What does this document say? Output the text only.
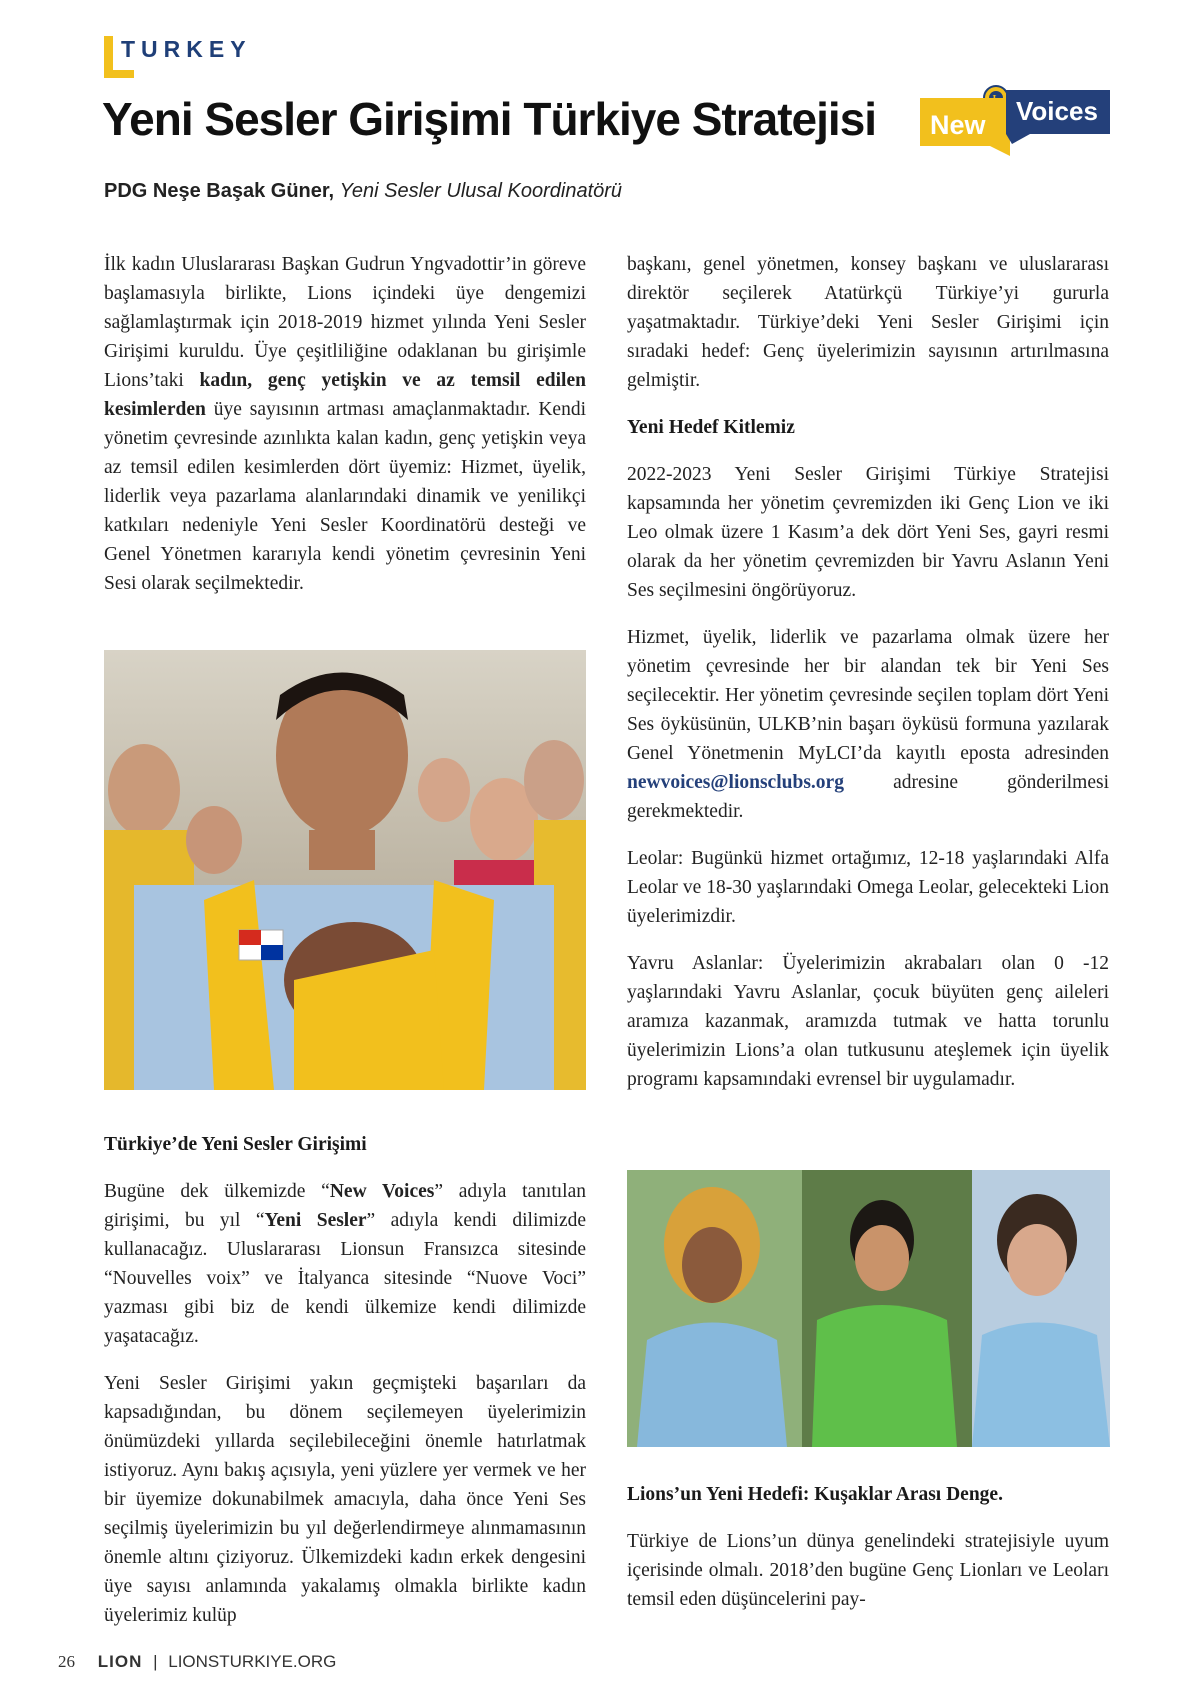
TURKEY
Yeni Sesler Girişimi Türkiye Stratejisi New Voices
PDG Neşe Başak Güner, Yeni Sesler Ulusal Koordinatörü

İlk kadın Uluslararası Başkan Gudrun Yngvadottir’in göreve başlamasıyla birlikte, Lions içindeki üye dengemizi sağlamlaştırmak için 2018-2019 hizmet yılında Yeni Sesler Girişimi kuruldu. Üye çeşitliliğine odaklanan bu girişimle Lions’taki kadın, genç yetişkin ve az temsil edilen kesimlerden üye sayısının artması amaçlanmaktadır. Kendi yönetim çevresinde azınlıkta kalan kadın, genç yetişkin veya az temsil edilen kesimlerden dört üyemiz: Hizmet, üyelik, liderlik veya pazarlama alanlarındaki dinamik ve yenilikçi katkıları nedeniyle Yeni Sesler Koordinatörü desteği ve Genel Yönetmen kararıyla kendi yönetim çevresinin Yeni Sesi olarak seçilmektedir.

Türkiye’de Yeni Sesler Girişimi

Bugüne dek ülkemizde “New Voices” adıyla tanıtılan girişimi, bu yıl “Yeni Sesler” adıyla kendi dilimizde kullanacağız. Uluslararası Lionsun Fransızca sitesinde “Nouvelles voix” ve İtalyanca sitesinde “Nuove Voci” yazması gibi biz de kendi ülkemize kendi dilimizde yaşatacağız.

Yeni Sesler Girişimi yakın geçmişteki başarıları da kapsadığından, bu dönem seçilemeyen üyelerimizin önümüzdeki yıllarda seçilebileceğini önemle hatırlatmak istiyoruz. Aynı bakış açısıyla, yeni yüzlere yer vermek ve her bir üyemize dokunabilmek amacıyla, daha önce Yeni Ses seçilmiş üyelerimizin bu yıl değerlendirmeye alınmamasının önemle altını çiziyoruz. Ülkemizdeki kadın erkek dengesini üye sayısı anlamında yakalamış olmakla birlikte kadın üyelerimiz kulüp

başkanı, genel yönetmen, konsey başkanı ve uluslararası direktör seçilerek Atatürkçü Türkiye’yi gururla yaşatmaktadır. Türkiye’deki Yeni Sesler Girişimi için sıradaki hedef: Genç üyelerimizin sayısının artırılmasına gelmiştir.

Yeni Hedef Kitlemiz

2022-2023 Yeni Sesler Girişimi Türkiye Stratejisi kapsamında her yönetim çevremizden iki Genç Lion ve iki Leo olmak üzere 1 Kasım’a dek dört Yeni Ses, gayri resmi olarak da her yönetim çevremizden bir Yavru Aslanın Yeni Ses seçilmesini öngörüyoruz.

Hizmet, üyelik, liderlik ve pazarlama olmak üzere her yönetim çevresinde her bir alandan tek bir Yeni Ses seçilecektir. Her yönetim çevresinde seçilen toplam dört Yeni Ses öyküsünün, ULKB’nin başarı öyküsü formuna yazılarak Genel Yönetmenin MyLCI’da kayıtlı eposta adresinden newvoices@lionsclubs.org adresine gönderilmesi gerekmektedir.

Leolar: Bugünkü hizmet ortağımız, 12-18 yaşlarındaki Alfa Leolar ve 18-30 yaşlarındaki Omega Leolar, gelecekteki Lion üyelerimizdir.

Yavru Aslanlar: Üyelerimizin akrabaları olan 0 -12 yaşlarındaki Yavru Aslanlar, çocuk büyüten genç aileleri aramıza kazanmak, aramızda tutmak ve hatta torunlu üyelerimizin Lions’a olan tutkusunu ateşlemek için üyelik programı kapsamındaki evrensel bir uygulamadır.

Lions’un Yeni Hedefi: Kuşaklar Arası Denge.

Türkiye de Lions’un dünya genelindeki stratejisiyle uyum içerisinde olmalı. 2018’den bugüne Genç Lionları ve Leoları temsil eden düşüncelerini pay-

26 LION | LIONSTURKIYE.ORG
